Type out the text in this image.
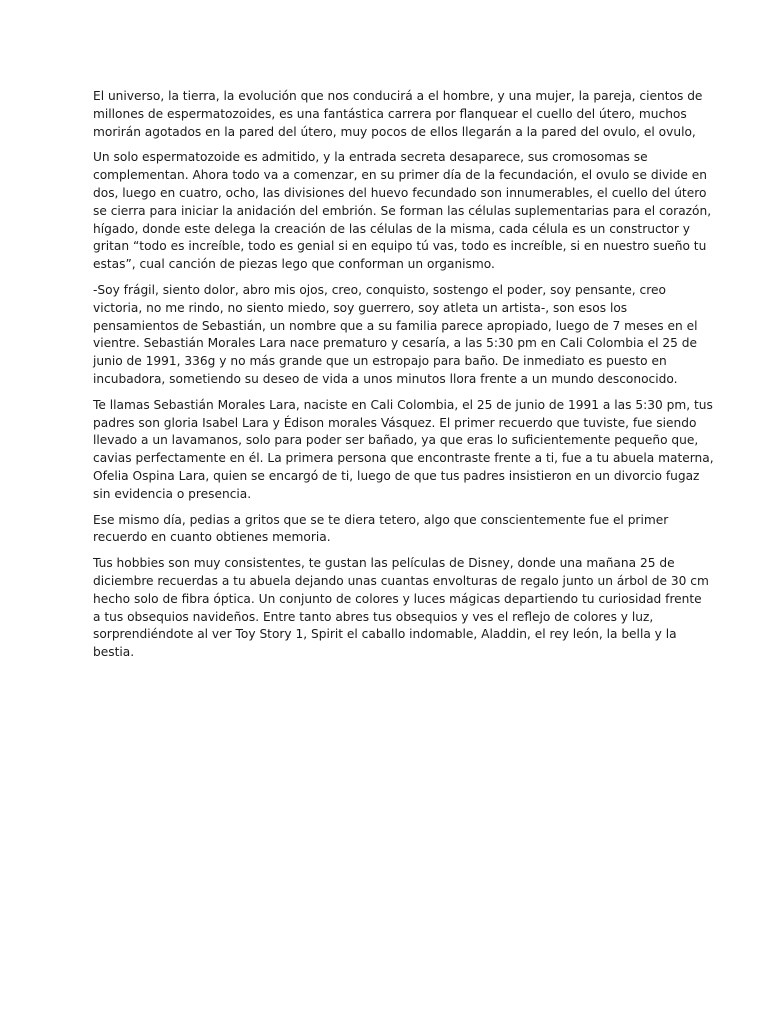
El universo, la tierra, la evolución que nos conducirá a el hombre, y una mujer, la pareja, cientos de
millones de espermatozoides, es una fantástica carrera por flanquear el cuello del útero, muchos
morirán agotados en la pared del útero, muy pocos de ellos llegarán a la pared del ovulo, el ovulo,

Un solo espermatozoide es admitido, y la entrada secreta desaparece, sus cromosomas se
complementan. Ahora todo va a comenzar, en su primer día de la fecundación, el ovulo se divide en
dos, luego en cuatro, ocho, las divisiones del huevo fecundado son innumerables, el cuello del útero
se cierra para iniciar la anidación del embrión. Se forman las células suplementarias para el corazón,
hígado, donde este delega la creación de las células de la misma, cada célula es un constructor y
gritan “todo es increíble, todo es genial si en equipo tú vas, todo es increíble, si en nuestro sueño tu
estas”, cual canción de piezas lego que conforman un organismo.

-Soy frágil, siento dolor, abro mis ojos, creo, conquisto, sostengo el poder, soy pensante, creo
victoria, no me rindo, no siento miedo, soy guerrero, soy atleta un artista-, son esos los
pensamientos de Sebastián, un nombre que a su familia parece apropiado, luego de 7 meses en el
vientre. Sebastián Morales Lara nace prematuro y cesaría, a las 5:30 pm en Cali Colombia el 25 de
junio de 1991, 336g y no más grande que un estropajo para baño. De inmediato es puesto en
incubadora, sometiendo su deseo de vida a unos minutos llora frente a un mundo desconocido.

Te llamas Sebastián Morales Lara, naciste en Cali Colombia, el 25 de junio de 1991 a las 5:30 pm, tus
padres son gloria Isabel Lara y Édison morales Vásquez. El primer recuerdo que tuviste, fue siendo
llevado a un lavamanos, solo para poder ser bañado, ya que eras lo suficientemente pequeño que,
cavias perfectamente en él. La primera persona que encontraste frente a ti, fue a tu abuela materna,
Ofelia Ospina Lara, quien se encargó de ti, luego de que tus padres insistieron en un divorcio fugaz
sin evidencia o presencia.

Ese mismo día, pedias a gritos que se te diera tetero, algo que conscientemente fue el primer
recuerdo en cuanto obtienes memoria.

Tus hobbies son muy consistentes, te gustan las películas de Disney, donde una mañana 25 de
diciembre recuerdas a tu abuela dejando unas cuantas envolturas de regalo junto un árbol de 30 cm
hecho solo de fibra óptica. Un conjunto de colores y luces mágicas departiendo tu curiosidad frente
a tus obsequios navideños. Entre tanto abres tus obsequios y ves el reflejo de colores y luz,
sorprendiéndote al ver Toy Story 1, Spirit el caballo indomable, Aladdin, el rey león, la bella y la
bestia.
